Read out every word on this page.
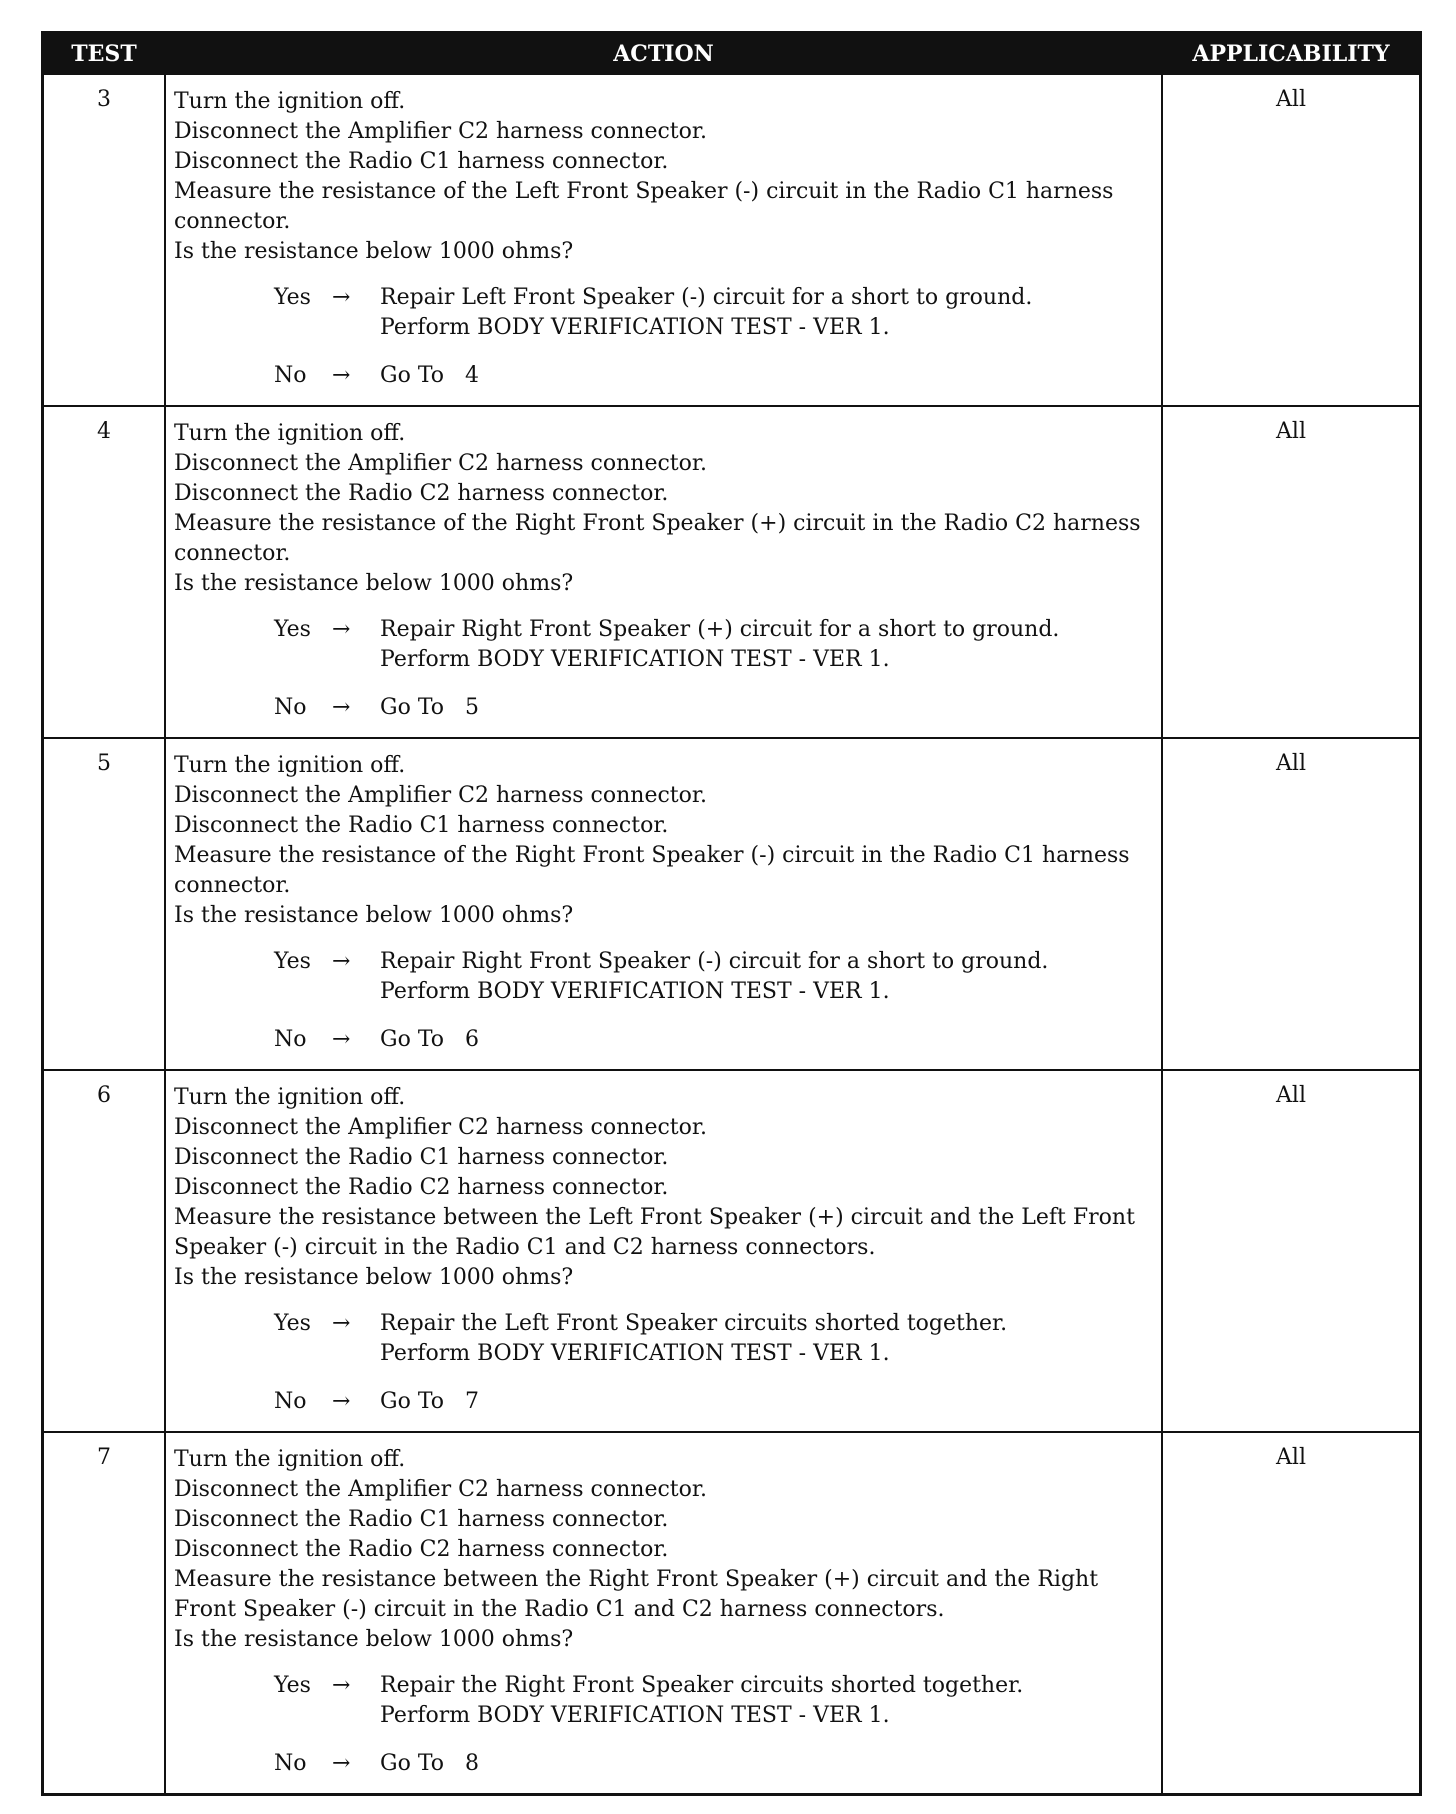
TEST	ACTION	APPLICABILITY
3	Turn the ignition off.
Disconnect the Amplifier C2 harness connector.
Disconnect the Radio C1 harness connector.
Measure the resistance of the Left Front Speaker (-) circuit in the Radio C1 harness
connector.
Is the resistance below 1000 ohms?
Yes →	Repair Left Front Speaker (-) circuit for a short to ground.
Perform BODY VERIFICATION TEST - VER 1.
No	→	Go To   4
All
4	Turn the ignition off.
Disconnect the Amplifier C2 harness connector.
Disconnect the Radio C2 harness connector.
Measure the resistance of the Right Front Speaker (+) circuit in the Radio C2 harness
connector.
Is the resistance below 1000 ohms?
Yes →	Repair Right Front Speaker (+) circuit for a short to ground.
Perform BODY VERIFICATION TEST - VER 1.
No	→	Go To   5
All
5	Turn the ignition off.
Disconnect the Amplifier C2 harness connector.
Disconnect the Radio C1 harness connector.
Measure the resistance of the Right Front Speaker (-) circuit in the Radio C1 harness
connector.
Is the resistance below 1000 ohms?
Yes →	Repair Right Front Speaker (-) circuit for a short to ground.
Perform BODY VERIFICATION TEST - VER 1.
No	→	Go To   6
All
6	Turn the ignition off.
Disconnect the Amplifier C2 harness connector.
Disconnect the Radio C1 harness connector.
Disconnect the Radio C2 harness connector.
Measure the resistance between the Left Front Speaker (+) circuit and the Left Front
Speaker (-) circuit in the Radio C1 and C2 harness connectors.
Is the resistance below 1000 ohms?
Yes →	Repair the Left Front Speaker circuits shorted together.
Perform BODY VERIFICATION TEST - VER 1.
No	→	Go To   7
All
7	Turn the ignition off.
Disconnect the Amplifier C2 harness connector.
Disconnect the Radio C1 harness connector.
Disconnect the Radio C2 harness connector.
Measure the resistance between the Right Front Speaker (+) circuit and the Right
Front Speaker (-) circuit in the Radio C1 and C2 harness connectors.
Is the resistance below 1000 ohms?
Yes →	Repair the Right Front Speaker circuits shorted together.
Perform BODY VERIFICATION TEST - VER 1.
No	→	Go To   8
All
